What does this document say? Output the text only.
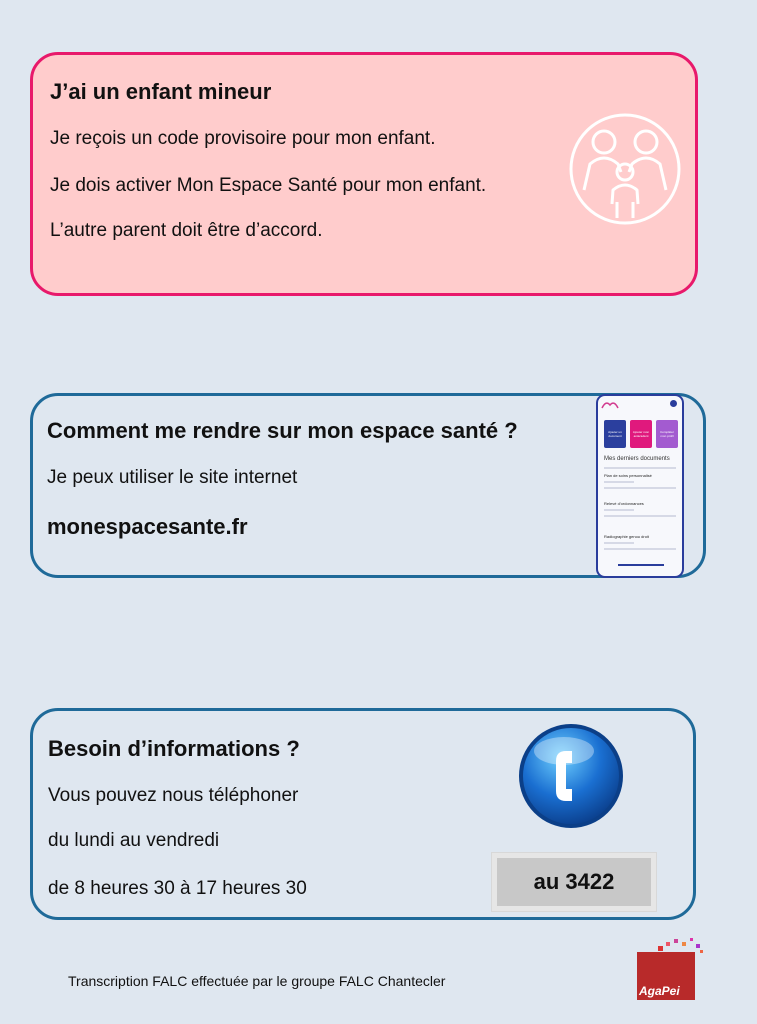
J’ai un enfant mineur
Je reçois un code provisoire pour mon enfant.
Je dois activer Mon Espace Santé pour mon enfant.
L’autre parent doit être d’accord.
Comment me rendre sur mon espace santé ?
Je peux utiliser le site internet
monespacesante.fr
Ajouter un document
Ajouter mon antécédent
Compléter mon profil
Mes derniers documents
Plan de soins personnalisé
Relevé d’ordonnances
Radiographie genou droit
Besoin d’informations ?
Vous pouvez nous téléphoner
du lundi au vendredi
de 8 heures 30 à 17 heures 30	au 3422
Transcription FALC effectuée par le groupe FALC Chantecler
AgaPei
